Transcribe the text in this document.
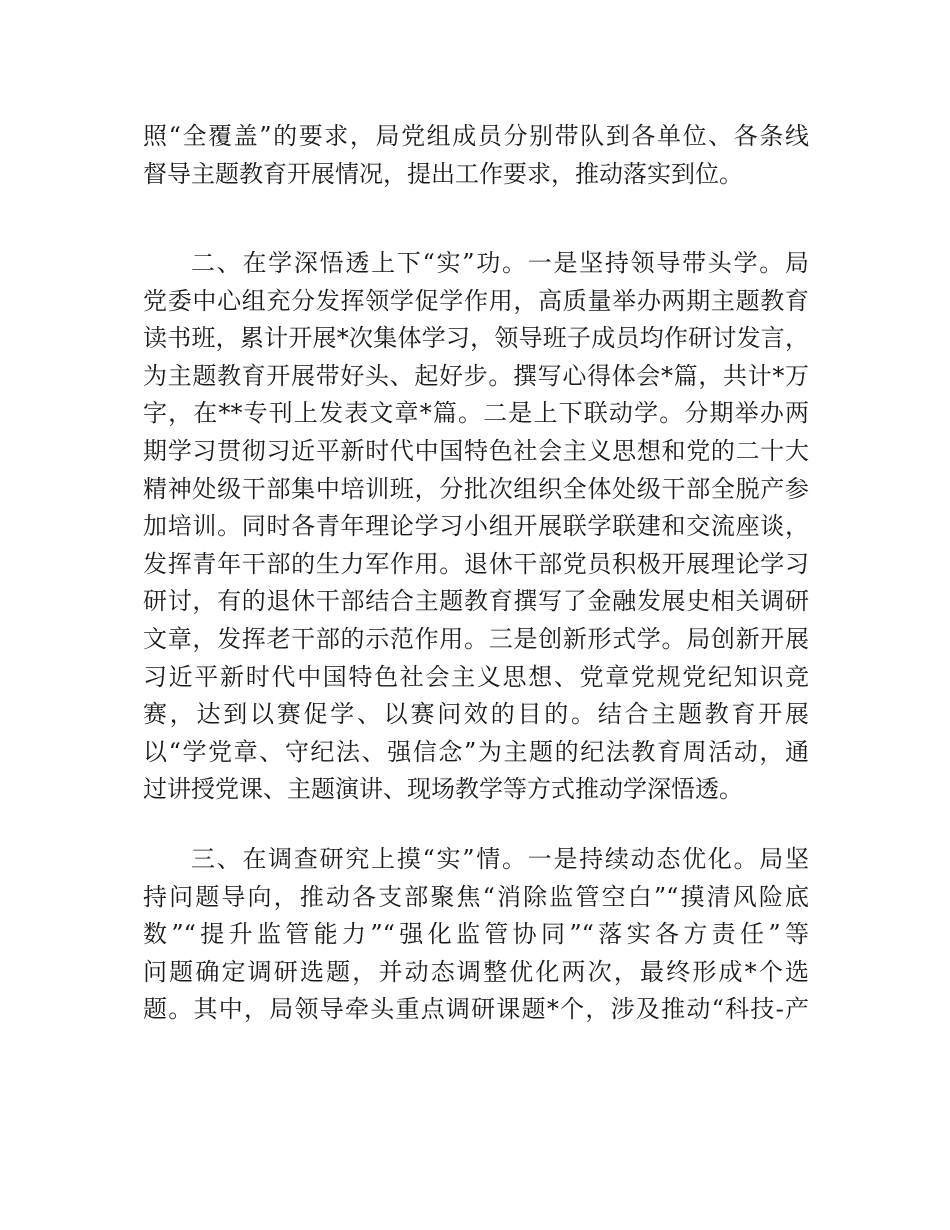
照“全覆盖”的要求，局党组成员分别带队到各单位、各条线
督导主题教育开展情况，提出工作要求，推动落实到位。
二、在学深悟透上下“实”功。一是坚持领导带头学。局
党委中心组充分发挥领学促学作用，高质量举办两期主题教育
读书班，累计开展*次集体学习，领导班子成员均作研讨发言，
为主题教育开展带好头、起好步。撰写心得体会*篇，共计*万
字，在**专刊上发表文章*篇。二是上下联动学。分期举办两
期学习贯彻习近平新时代中国特色社会主义思想和党的二十大
精神处级干部集中培训班，分批次组织全体处级干部全脱产参
加培训。同时各青年理论学习小组开展联学联建和交流座谈，
发挥青年干部的生力军作用。退休干部党员积极开展理论学习
研讨，有的退休干部结合主题教育撰写了金融发展史相关调研
文章，发挥老干部的示范作用。三是创新形式学。局创新开展
习近平新时代中国特色社会主义思想、党章党规党纪知识竞
赛，达到以赛促学、以赛问效的目的。结合主题教育开展
以“学党章、守纪法、强信念”为主题的纪法教育周活动，通
过讲授党课、主题演讲、现场教学等方式推动学深悟透。
三、在调查研究上摸“实”情。一是持续动态优化。局坚
持问题导向，推动各支部聚焦“消除监管空白”“摸清风险底
数”“提升监管能力”“强化监管协同”“落实各方责任”等
问题确定调研选题，并动态调整优化两次，最终形成*个选
题。其中，局领导牵头重点调研课题*个，涉及推动“科技-产
